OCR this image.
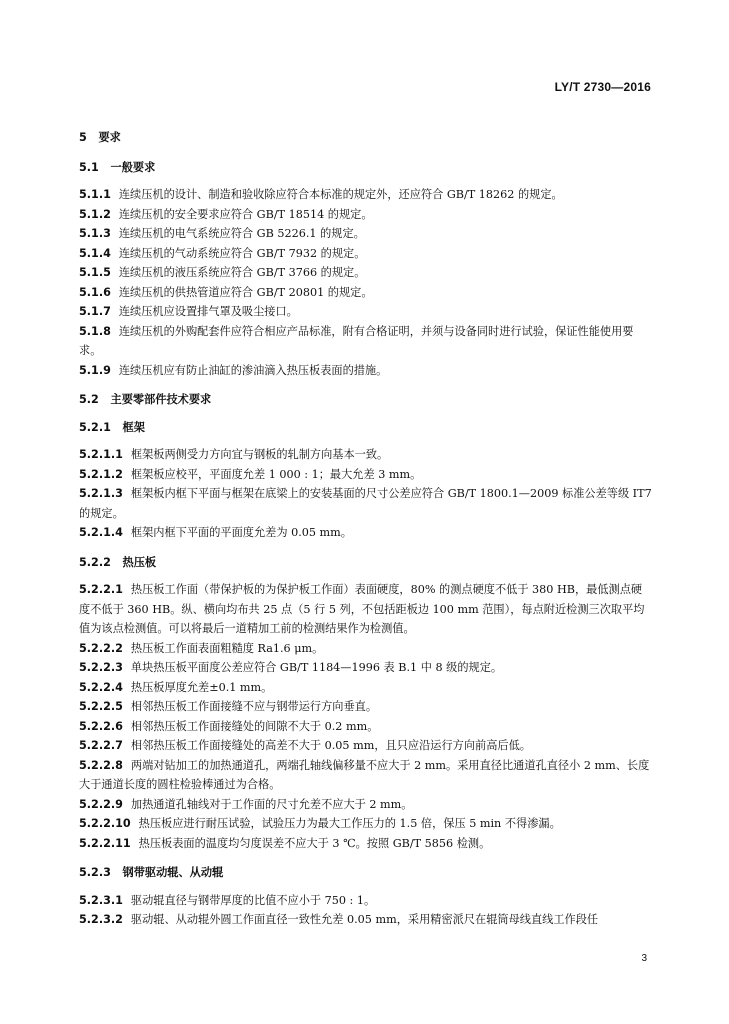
LY/T 2730—2016
5 要求
5.1 一般要求

5.1.1 连续压机的设计、制造和验收除应符合本标准的规定外，还应符合 GB/T 18262 的规定。

5.1.2 连续压机的安全要求应符合 GB/T 18514 的规定。

5.1.3 连续压机的电气系统应符合 GB 5226.1 的规定。

5.1.4 连续压机的气动系统应符合 GB/T 7932 的规定。

5.1.5 连续压机的液压系统应符合 GB/T 3766 的规定。

5.1.6 连续压机的供热管道应符合 GB/T 20801 的规定。

5.1.7 连续压机应设置排气罩及吸尘接口。

5.1.8 连续压机的外购配套件应符合相应产品标准，附有合格证明，并须与设备同时进行试验，保证性能使用要求。

5.1.9 连续压机应有防止油缸的渗油滴入热压板表面的措施。

5.2 主要零部件技术要求
5.2.1 框架

5.2.1.1 框架板两侧受力方向宜与钢板的轧制方向基本一致。

5.2.1.2 框架板应校平，平面度允差 1 000 : 1；最大允差 3 mm。

5.2.1.3 框架板内框下平面与框架在底梁上的安装基面的尺寸公差应符合 GB/T 1800.1—2009 标准公差等级 IT7 的规定。

5.2.1.4 框架内框下平面的平面度允差为 0.05 mm。

5.2.2 热压板

5.2.2.1 热压板工作面（带保护板的为保护板工作面）表面硬度，80% 的测点硬度不低于 380 HB，最低测点硬度不低于 360 HB。纵、横向均布共 25 点（5 行 5 列，不包括距板边 100 mm 范围），每点附近检测三次取平均值为该点检测值。可以将最后一道精加工前的检测结果作为检测值。

5.2.2.2 热压板工作面表面粗糙度 Ra1.6 μm。

5.2.2.3 单块热压板平面度公差应符合 GB/T 1184—1996 表 B.1 中 8 级的规定。

5.2.2.4 热压板厚度允差±0.1 mm。

5.2.2.5 相邻热压板工作面接缝不应与钢带运行方向垂直。

5.2.2.6 相邻热压板工作面接缝处的间隙不大于 0.2 mm。

5.2.2.7 相邻热压板工作面接缝处的高差不大于 0.05 mm，且只应沿运行方向前高后低。

5.2.2.8 两端对钻加工的加热通道孔，两端孔轴线偏移量不应大于 2 mm。采用直径比通道孔直径小 2 mm、长度大于通道长度的圆柱检验棒通过为合格。

5.2.2.9 加热通道孔轴线对于工作面的尺寸允差不应大于 2 mm。

5.2.2.10 热压板应进行耐压试验，试验压力为最大工作压力的 1.5 倍，保压 5 min 不得渗漏。

5.2.2.11 热压板表面的温度均匀度误差不应大于 3 ℃。按照 GB/T 5856 检测。

5.2.3 钢带驱动辊、从动辊

5.2.3.1 驱动辊直径与钢带厚度的比值不应小于 750 : 1。

5.2.3.2 驱动辊、从动辊外圆工作面直径一致性允差 0.05 mm，采用精密派尺在辊筒母线直线工作段任

3
